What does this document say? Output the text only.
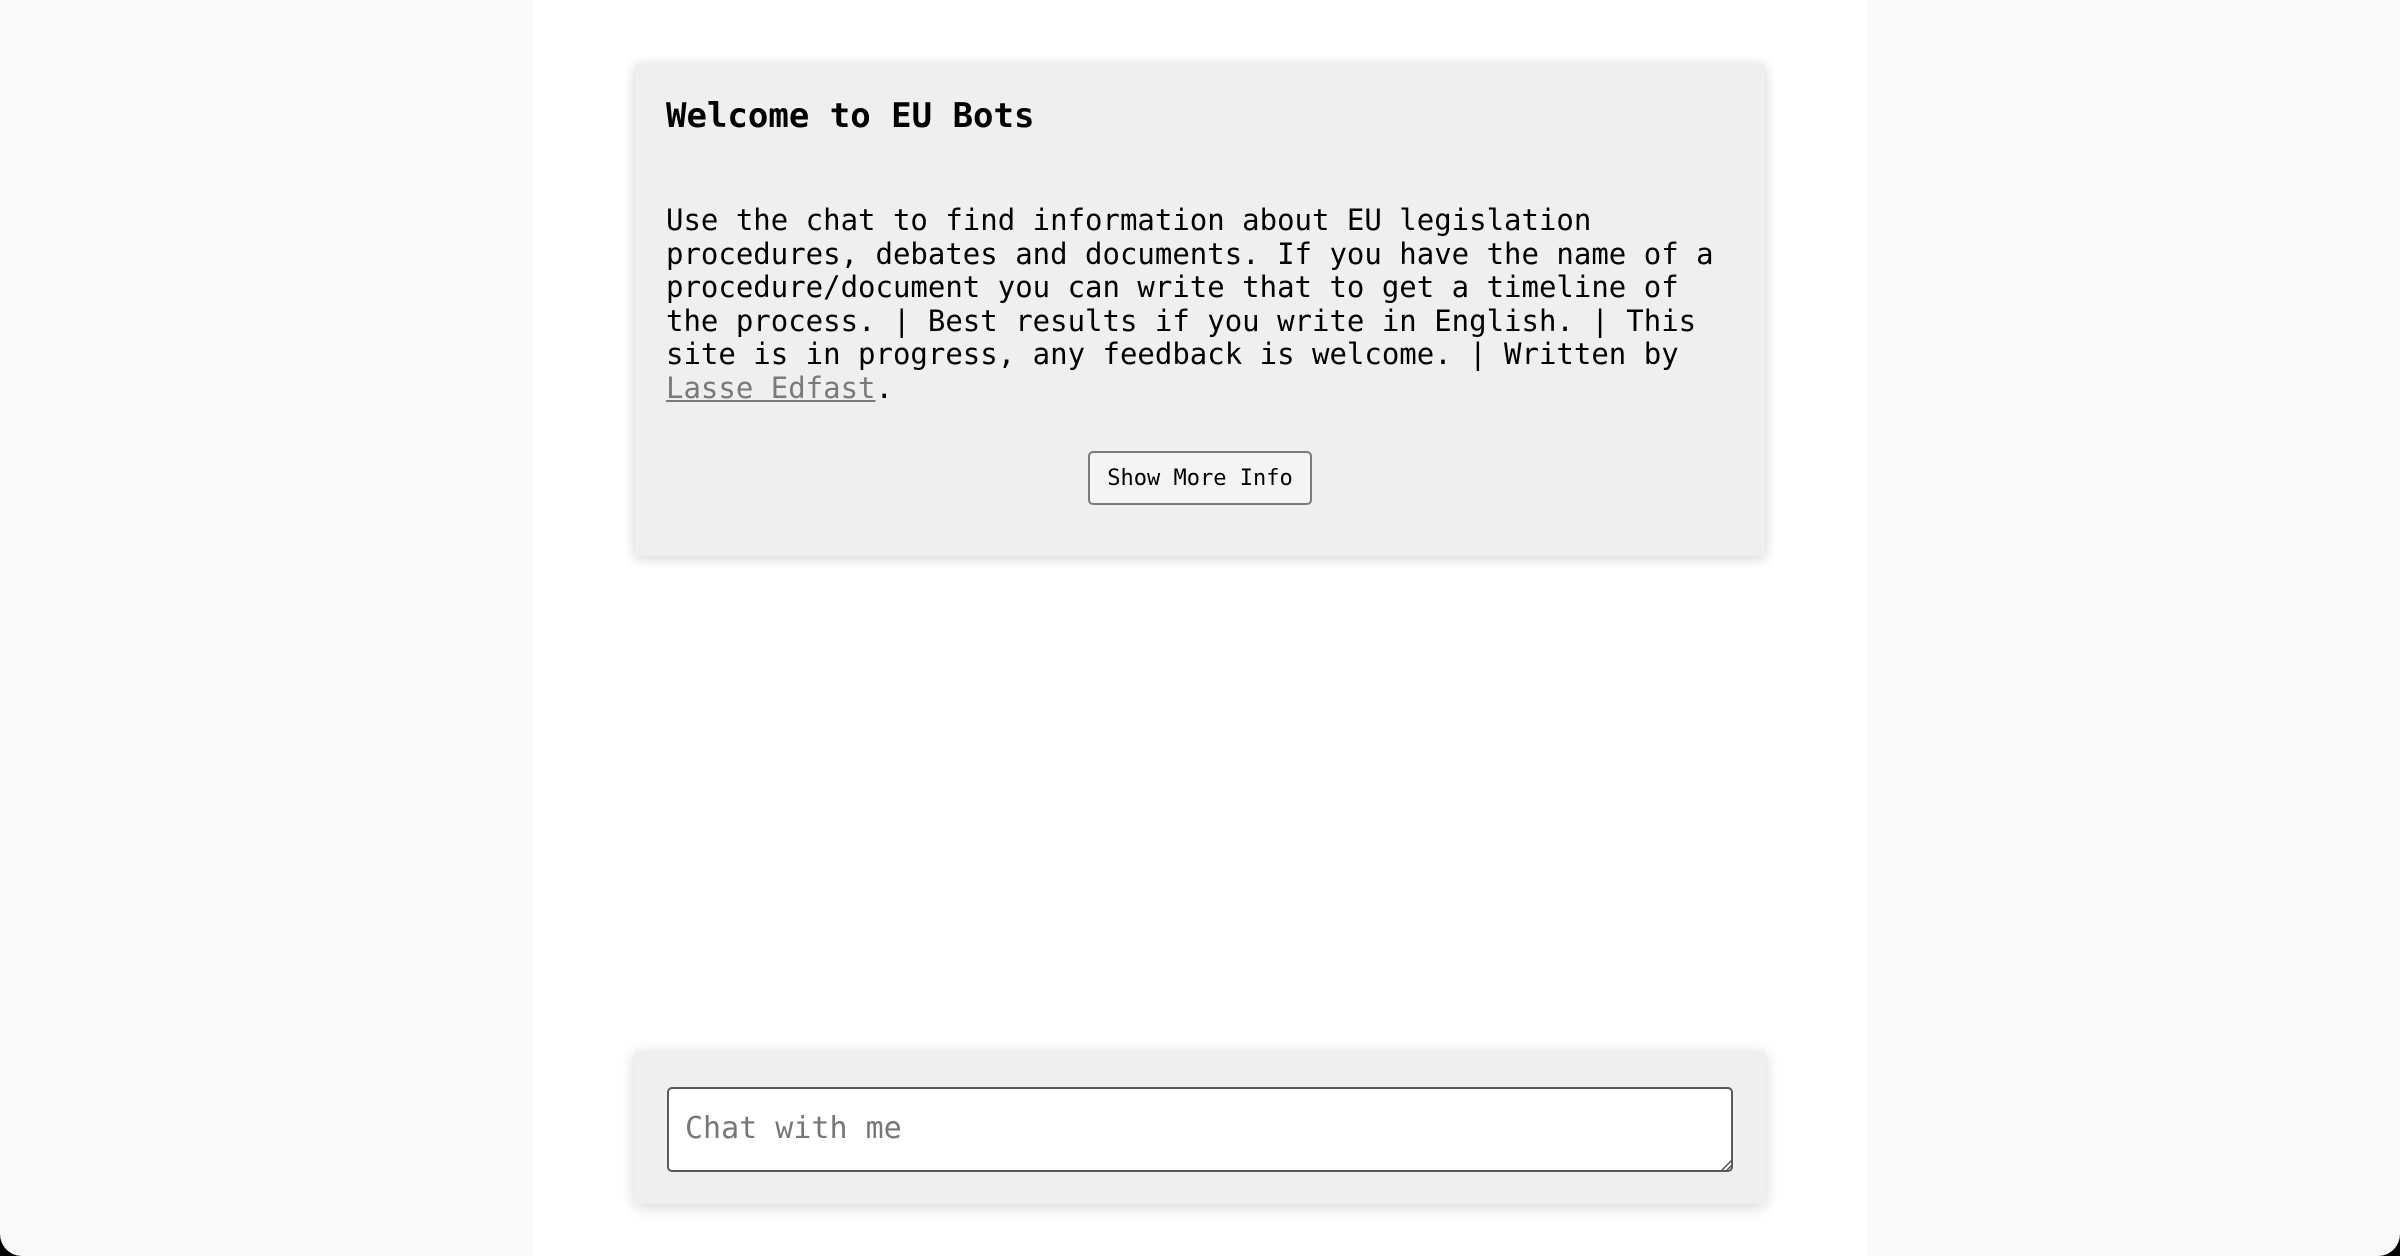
Welcome to EU Bots

Use the chat to find information about EU legislation procedures, debates and documents. If you have the name of a procedure/document you can write that to get a timeline of the process. | Best results if you write in English. | This site is in progress, any feedback is welcome. | Written by Lasse Edfast.

Show More Info
Chat with me
